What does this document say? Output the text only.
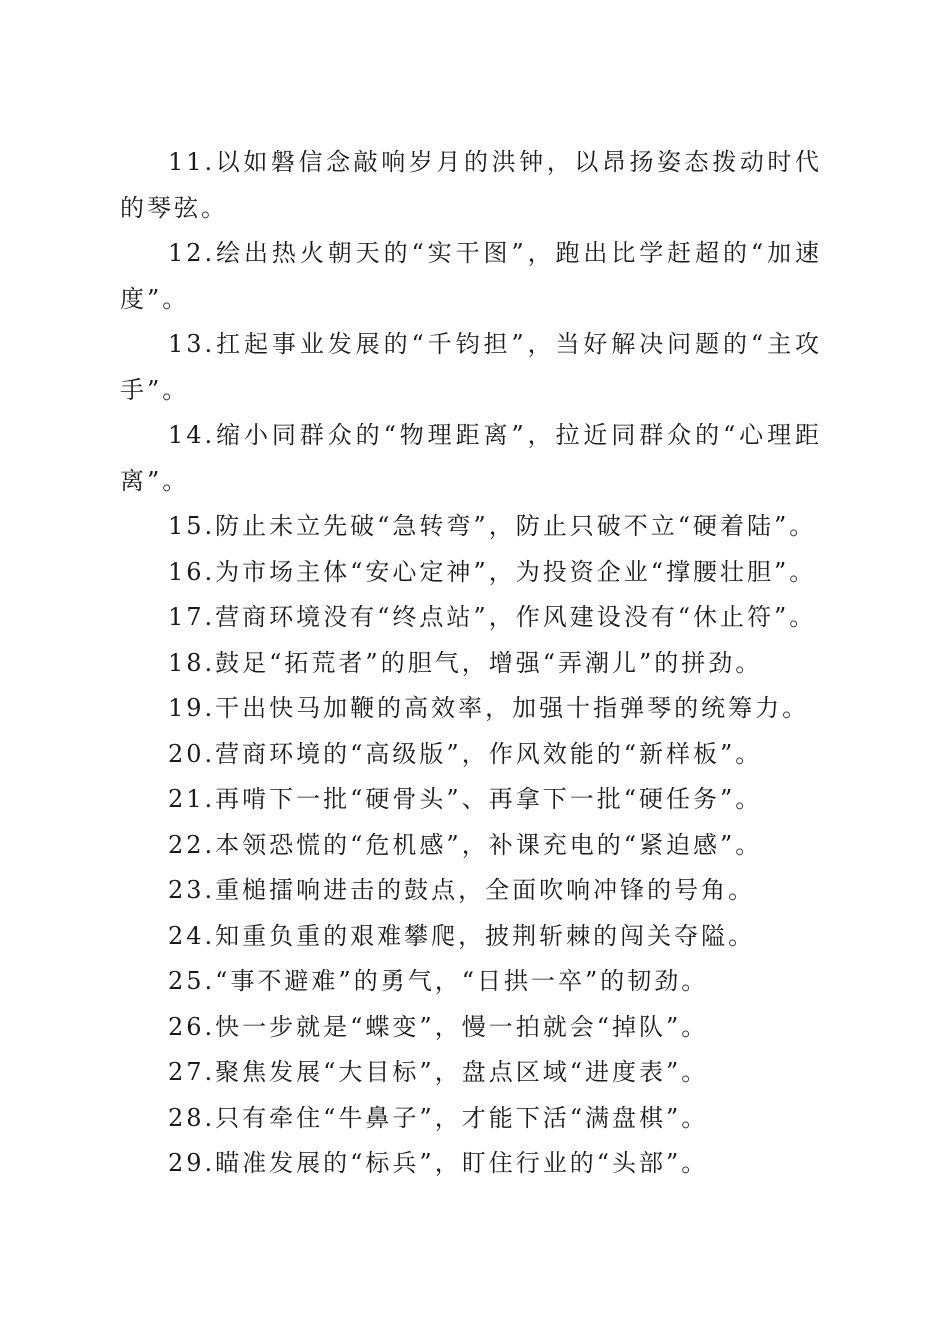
11.以如磐信念敲响岁月的洪钟，以昂扬姿态拨动时代的琴弦。

12.绘出热火朝天的“实干图”，跑出比学赶超的“加速度”。

13.扛起事业发展的“千钧担”，当好解决问题的“主攻手”。

14.缩小同群众的“物理距离”，拉近同群众的“心理距离”。

15.防止未立先破“急转弯”，防止只破不立“硬着陆”。

16.为市场主体“安心定神”，为投资企业“撑腰壮胆”。

17.营商环境没有“终点站”，作风建设没有“休止符”。

18.鼓足“拓荒者”的胆气，增强“弄潮儿”的拼劲。

19.干出快马加鞭的高效率，加强十指弹琴的统筹力。

20.营商环境的“高级版”，作风效能的“新样板”。

21.再啃下一批“硬骨头”、再拿下一批“硬任务”。

22.本领恐慌的“危机感”，补课充电的“紧迫感”。

23.重槌擂响进击的鼓点，全面吹响冲锋的号角。

24.知重负重的艰难攀爬，披荆斩棘的闯关夺隘。

25.“事不避难”的勇气，“日拱一卒”的韧劲。

26.快一步就是“蝶变”，慢一拍就会“掉队”。

27.聚焦发展“大目标”，盘点区域“进度表”。

28.只有牵住“牛鼻子”，才能下活“满盘棋”。

29.瞄准发展的“标兵”，盯住行业的“头部”。
